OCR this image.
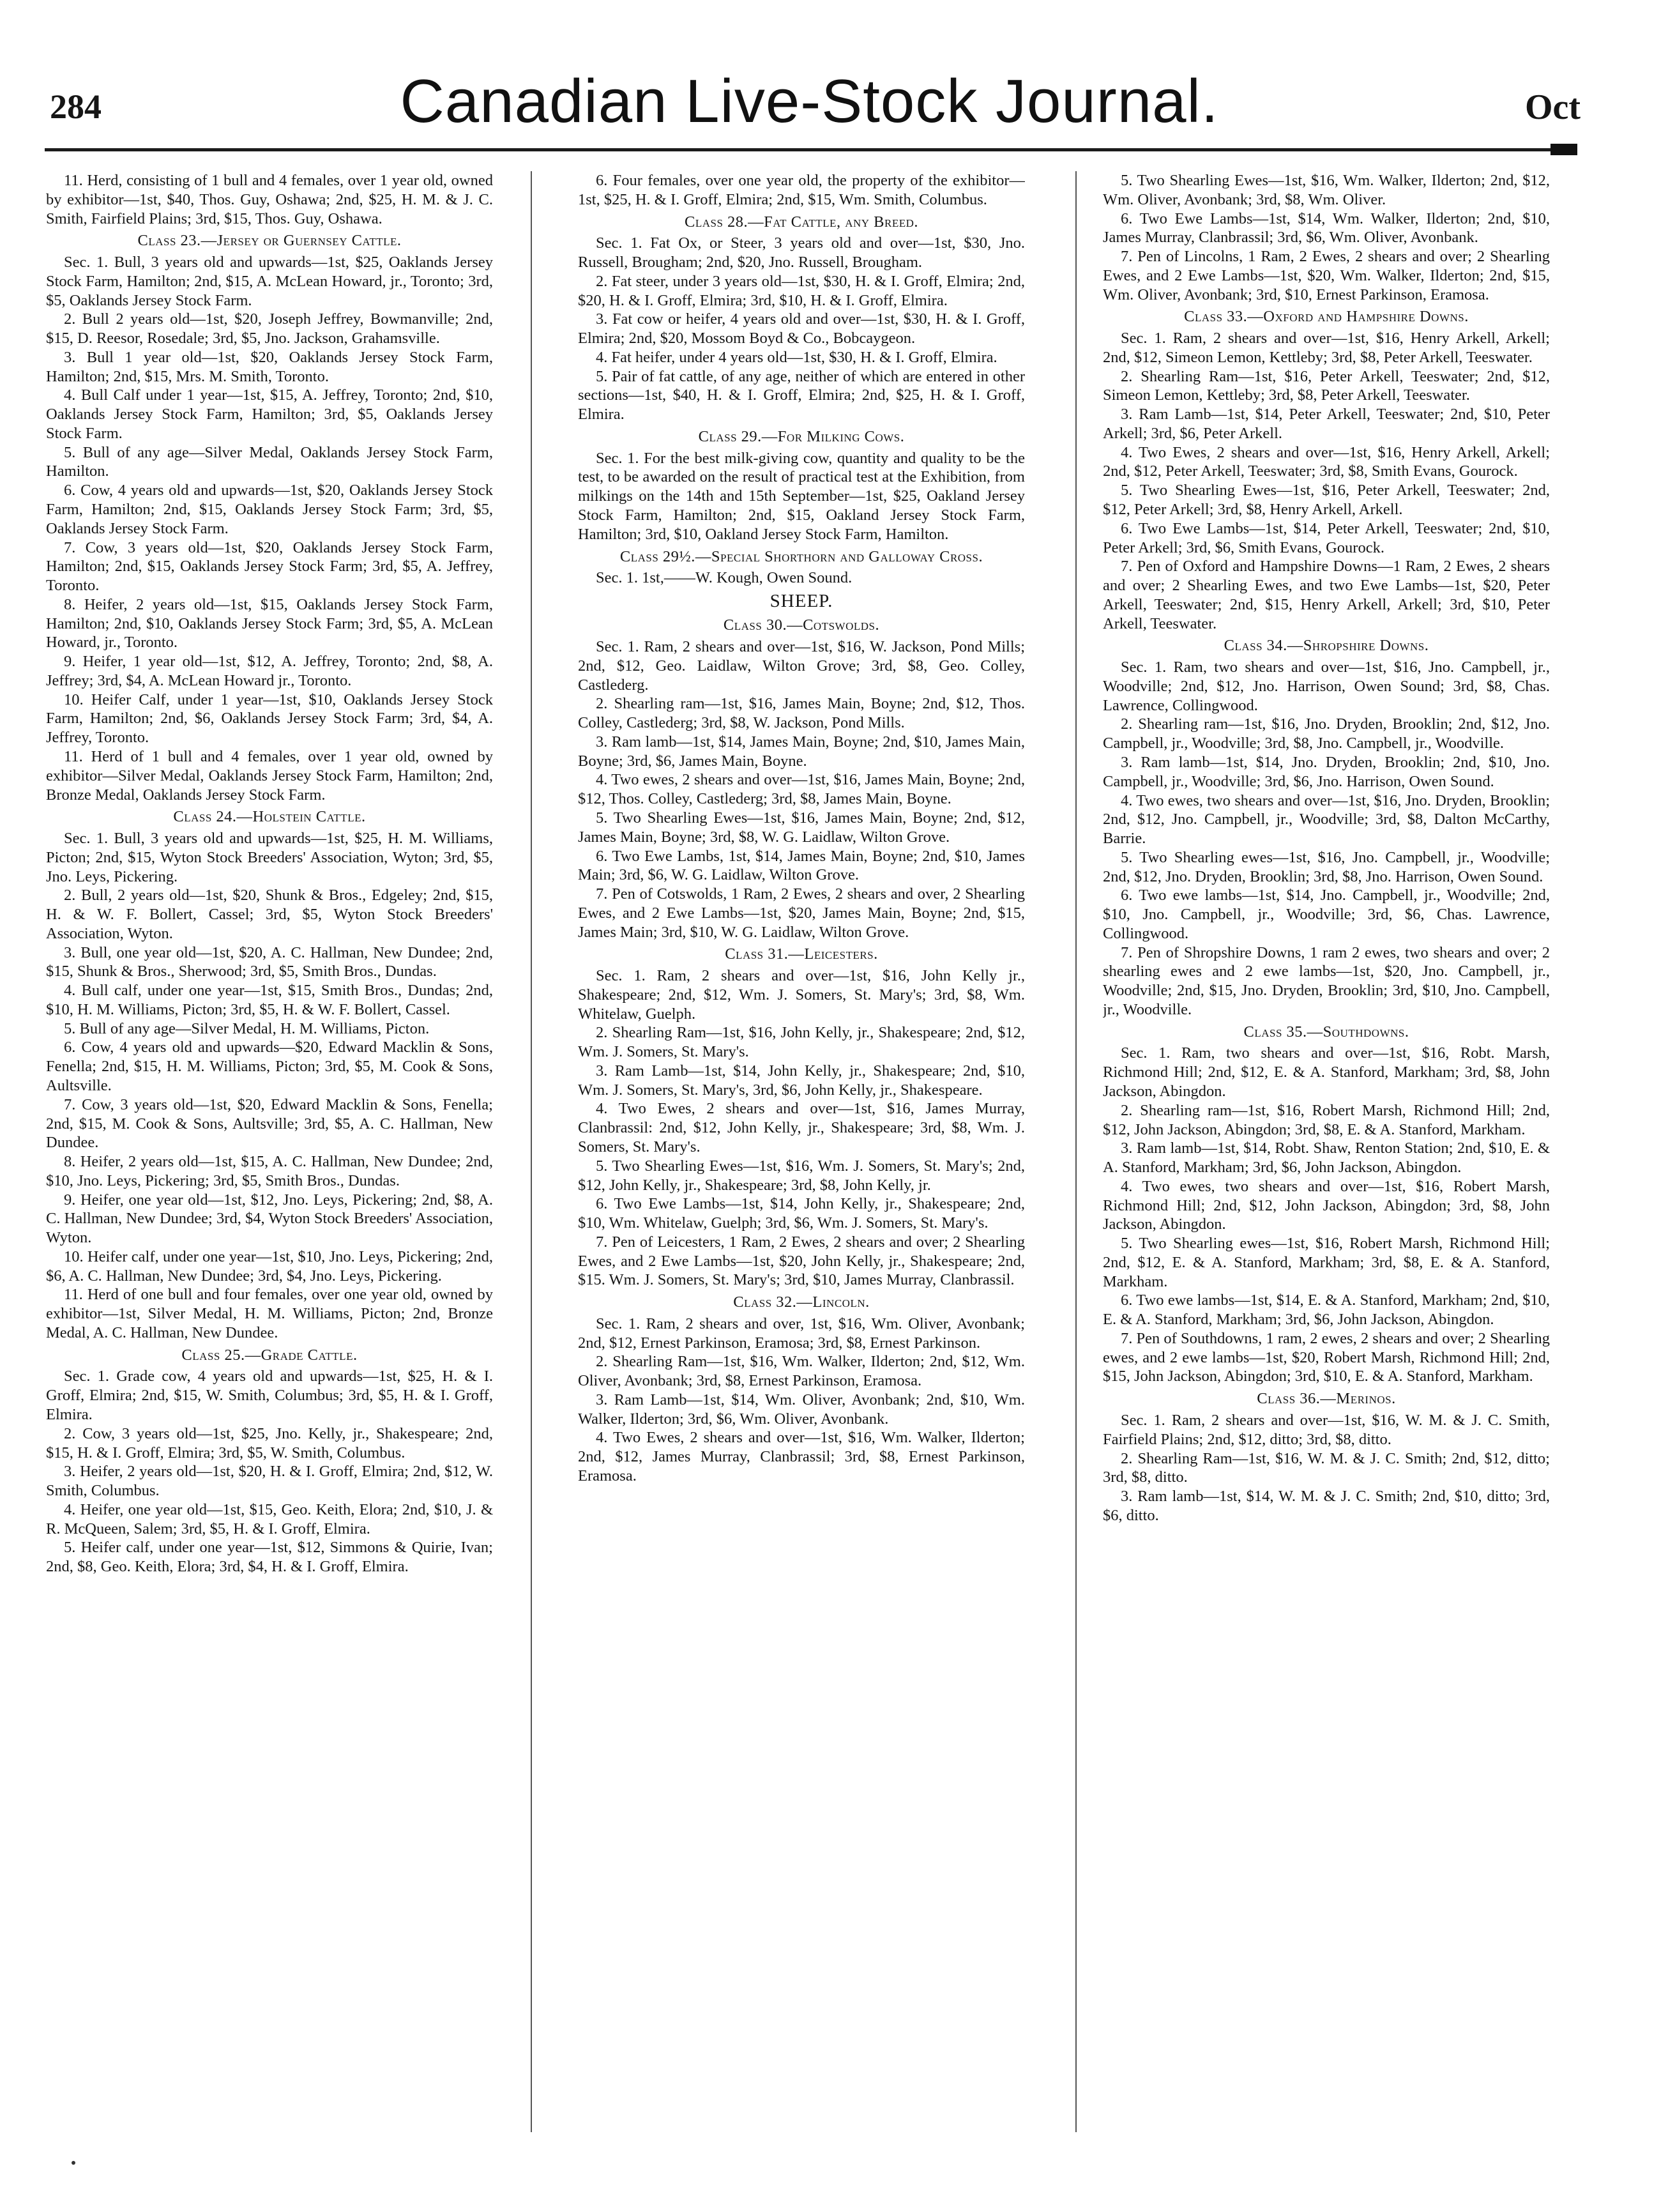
284	Canadian Live-Stock Journal.	Oct

11. Herd, consisting of 1 bull and 4 females, over 1 year old, owned by exhibitor—1st, $40, Thos. Guy, Oshawa; 2nd, $25, H. M. & J. C. Smith, Fairfield Plains; 3rd, $15, Thos. Guy, Oshawa.

Class 23.—Jersey or Guernsey Cattle.

Sec. 1. Bull, 3 years old and upwards—1st, $25, Oaklands Jersey Stock Farm, Hamilton; 2nd, $15, A. McLean Howard, jr., Toronto; 3rd, $5, Oaklands Jersey Stock Farm.

2. Bull 2 years old—1st, $20, Joseph Jeffrey, Bowmanville; 2nd, $15, D. Reesor, Rosedale; 3rd, $5, Jno. Jackson, Grahamsville.

3. Bull 1 year old—1st, $20, Oaklands Jersey Stock Farm, Hamilton; 2nd, $15, Mrs. M. Smith, Toronto.

4. Bull Calf under 1 year—1st, $15, A. Jeffrey, Toronto; 2nd, $10, Oaklands Jersey Stock Farm, Hamilton; 3rd, $5, Oaklands Jersey Stock Farm.

5. Bull of any age—Silver Medal, Oaklands Jersey Stock Farm, Hamilton.

6. Cow, 4 years old and upwards—1st, $20, Oaklands Jersey Stock Farm, Hamilton; 2nd, $15, Oaklands Jersey Stock Farm; 3rd, $5, Oaklands Jersey Stock Farm.

7. Cow, 3 years old—1st, $20, Oaklands Jersey Stock Farm, Hamilton; 2nd, $15, Oaklands Jersey Stock Farm; 3rd, $5, A. Jeffrey, Toronto.

8. Heifer, 2 years old—1st, $15, Oaklands Jersey Stock Farm, Hamilton; 2nd, $10, Oaklands Jersey Stock Farm; 3rd, $5, A. McLean Howard, jr., Toronto.

9. Heifer, 1 year old—1st, $12, A. Jeffrey, Toronto; 2nd, $8, A. Jeffrey; 3rd, $4, A. McLean Howard jr., Toronto.

10. Heifer Calf, under 1 year—1st, $10, Oaklands Jersey Stock Farm, Hamilton; 2nd, $6, Oaklands Jersey Stock Farm; 3rd, $4, A. Jeffrey, Toronto.

11. Herd of 1 bull and 4 females, over 1 year old, owned by exhibitor—Silver Medal, Oaklands Jersey Stock Farm, Hamilton; 2nd, Bronze Medal, Oaklands Jersey Stock Farm.

Class 24.—Holstein Cattle.

Sec. 1. Bull, 3 years old and upwards—1st, $25, H. M. Williams, Picton; 2nd, $15, Wyton Stock Breeders' Association, Wyton; 3rd, $5, Jno. Leys, Pickering.

2. Bull, 2 years old—1st, $20, Shunk & Bros., Edgeley; 2nd, $15, H. & W. F. Bollert, Cassel; 3rd, $5, Wyton Stock Breeders' Association, Wyton.

3. Bull, one year old—1st, $20, A. C. Hallman, New Dundee; 2nd, $15, Shunk & Bros., Sherwood; 3rd, $5, Smith Bros., Dundas.

4. Bull calf, under one year—1st, $15, Smith Bros., Dundas; 2nd, $10, H. M. Williams, Picton; 3rd, $5, H. & W. F. Bollert, Cassel.

5. Bull of any age—Silver Medal, H. M. Williams, Picton.

6. Cow, 4 years old and upwards—$20, Edward Macklin & Sons, Fenella; 2nd, $15, H. M. Williams, Picton; 3rd, $5, M. Cook & Sons, Aultsville.

7. Cow, 3 years old—1st, $20, Edward Macklin & Sons, Fenella; 2nd, $15, M. Cook & Sons, Aultsville; 3rd, $5, A. C. Hallman, New Dundee.

8. Heifer, 2 years old—1st, $15, A. C. Hallman, New Dundee; 2nd, $10, Jno. Leys, Pickering; 3rd, $5, Smith Bros., Dundas.

9. Heifer, one year old—1st, $12, Jno. Leys, Pickering; 2nd, $8, A. C. Hallman, New Dundee; 3rd, $4, Wyton Stock Breeders' Association, Wyton.

10. Heifer calf, under one year—1st, $10, Jno. Leys, Pickering; 2nd, $6, A. C. Hallman, New Dundee; 3rd, $4, Jno. Leys, Pickering.

11. Herd of one bull and four females, over one year old, owned by exhibitor—1st, Silver Medal, H. M. Williams, Picton; 2nd, Bronze Medal, A. C. Hallman, New Dundee.

Class 25.—Grade Cattle.

Sec. 1. Grade cow, 4 years old and upwards—1st, $25, H. & I. Groff, Elmira; 2nd, $15, W. Smith, Columbus; 3rd, $5, H. & I. Groff, Elmira.

2. Cow, 3 years old—1st, $25, Jno. Kelly, jr., Shakespeare; 2nd, $15, H. & I. Groff, Elmira; 3rd, $5, W. Smith, Columbus.

3. Heifer, 2 years old—1st, $20, H. & I. Groff, Elmira; 2nd, $12, W. Smith, Columbus.

4. Heifer, one year old—1st, $15, Geo. Keith, Elora; 2nd, $10, J. & R. McQueen, Salem; 3rd, $5, H. & I. Groff, Elmira.

5. Heifer calf, under one year—1st, $12, Simmons & Quirie, Ivan; 2nd, $8, Geo. Keith, Elora; 3rd, $4, H. & I. Groff, Elmira.

6. Four females, over one year old, the property of the exhibitor—1st, $25, H. & I. Groff, Elmira; 2nd, $15, Wm. Smith, Columbus.

Class 28.—Fat Cattle, any Breed.

Sec. 1. Fat Ox, or Steer, 3 years old and over—1st, $30, Jno. Russell, Brougham; 2nd, $20, Jno. Russell, Brougham.

2. Fat steer, under 3 years old—1st, $30, H. & I. Groff, Elmira; 2nd, $20, H. & I. Groff, Elmira; 3rd, $10, H. & I. Groff, Elmira.

3. Fat cow or heifer, 4 years old and over—1st, $30, H. & I. Groff, Elmira; 2nd, $20, Mossom Boyd & Co., Bobcaygeon.

4. Fat heifer, under 4 years old—1st, $30, H. & I. Groff, Elmira.

5. Pair of fat cattle, of any age, neither of which are entered in other sections—1st, $40, H. & I. Groff, Elmira; 2nd, $25, H. & I. Groff, Elmira.

Class 29.—For Milking Cows.

Sec. 1. For the best milk-giving cow, quantity and quality to be the test, to be awarded on the result of practical test at the Exhibition, from milkings on the 14th and 15th September—1st, $25, Oakland Jersey Stock Farm, Hamilton; 2nd, $15, Oakland Jersey Stock Farm, Hamilton; 3rd, $10, Oakland Jersey Stock Farm, Hamilton.

Class 29½.—Special Shorthorn and Galloway Cross.

Sec. 1. 1st,——W. Kough, Owen Sound.

SHEEP.
Class 30.—Cotswolds.

Sec. 1. Ram, 2 shears and over—1st, $16, W. Jackson, Pond Mills; 2nd, $12, Geo. Laidlaw, Wilton Grove; 3rd, $8, Geo. Colley, Castlederg.

2. Shearling ram—1st, $16, James Main, Boyne; 2nd, $12, Thos. Colley, Castlederg; 3rd, $8, W. Jackson, Pond Mills.

3. Ram lamb—1st, $14, James Main, Boyne; 2nd, $10, James Main, Boyne; 3rd, $6, James Main, Boyne.

4. Two ewes, 2 shears and over—1st, $16, James Main, Boyne; 2nd, $12, Thos. Colley, Castlederg; 3rd, $8, James Main, Boyne.

5. Two Shearling Ewes—1st, $16, James Main, Boyne; 2nd, $12, James Main, Boyne; 3rd, $8, W. G. Laidlaw, Wilton Grove.

6. Two Ewe Lambs, 1st, $14, James Main, Boyne; 2nd, $10, James Main; 3rd, $6, W. G. Laidlaw, Wilton Grove.

7. Pen of Cotswolds, 1 Ram, 2 Ewes, 2 shears and over, 2 Shearling Ewes, and 2 Ewe Lambs—1st, $20, James Main, Boyne; 2nd, $15, James Main; 3rd, $10, W. G. Laidlaw, Wilton Grove.

Class 31.—Leicesters.

Sec. 1. Ram, 2 shears and over—1st, $16, John Kelly jr., Shakespeare; 2nd, $12, Wm. J. Somers, St. Mary's; 3rd, $8, Wm. Whitelaw, Guelph.

2. Shearling Ram—1st, $16, John Kelly, jr., Shakespeare; 2nd, $12, Wm. J. Somers, St. Mary's.

3. Ram Lamb—1st, $14, John Kelly, jr., Shakespeare; 2nd, $10, Wm. J. Somers, St. Mary's, 3rd, $6, John Kelly, jr., Shakespeare.

4. Two Ewes, 2 shears and over—1st, $16, James Murray, Clanbrassil: 2nd, $12, John Kelly, jr., Shakespeare; 3rd, $8, Wm. J. Somers, St. Mary's.

5. Two Shearling Ewes—1st, $16, Wm. J. Somers, St. Mary's; 2nd, $12, John Kelly, jr., Shakespeare; 3rd, $8, John Kelly, jr.

6. Two Ewe Lambs—1st, $14, John Kelly, jr., Shakespeare; 2nd, $10, Wm. Whitelaw, Guelph; 3rd, $6, Wm. J. Somers, St. Mary's.

7. Pen of Leicesters, 1 Ram, 2 Ewes, 2 shears and over; 2 Shearling Ewes, and 2 Ewe Lambs—1st, $20, John Kelly, jr., Shakespeare; 2nd, $15. Wm. J. Somers, St. Mary's; 3rd, $10, James Murray, Clanbrassil.

Class 32.—Lincoln.

Sec. 1. Ram, 2 shears and over, 1st, $16, Wm. Oliver, Avonbank; 2nd, $12, Ernest Parkinson, Eramosa; 3rd, $8, Ernest Parkinson.

2. Shearling Ram—1st, $16, Wm. Walker, Ilderton; 2nd, $12, Wm. Oliver, Avonbank; 3rd, $8, Ernest Parkinson, Eramosa.

3. Ram Lamb—1st, $14, Wm. Oliver, Avonbank; 2nd, $10, Wm. Walker, Ilderton; 3rd, $6, Wm. Oliver, Avonbank.

4. Two Ewes, 2 shears and over—1st, $16, Wm. Walker, Ilderton; 2nd, $12, James Murray, Clanbrassil; 3rd, $8, Ernest Parkinson, Eramosa.

5. Two Shearling Ewes—1st, $16, Wm. Walker, Ilderton; 2nd, $12, Wm. Oliver, Avonbank; 3rd, $8, Wm. Oliver.

6. Two Ewe Lambs—1st, $14, Wm. Walker, Ilderton; 2nd, $10, James Murray, Clanbrassil; 3rd, $6, Wm. Oliver, Avonbank.

7. Pen of Lincolns, 1 Ram, 2 Ewes, 2 shears and over; 2 Shearling Ewes, and 2 Ewe Lambs—1st, $20, Wm. Walker, Ilderton; 2nd, $15, Wm. Oliver, Avonbank; 3rd, $10, Ernest Parkinson, Eramosa.

Class 33.—Oxford and Hampshire Downs.

Sec. 1. Ram, 2 shears and over—1st, $16, Henry Arkell, Arkell; 2nd, $12, Simeon Lemon, Kettleby; 3rd, $8, Peter Arkell, Teeswater.

2. Shearling Ram—1st, $16, Peter Arkell, Teeswater; 2nd, $12, Simeon Lemon, Kettleby; 3rd, $8, Peter Arkell, Teeswater.

3. Ram Lamb—1st, $14, Peter Arkell, Teeswater; 2nd, $10, Peter Arkell; 3rd, $6, Peter Arkell.

4. Two Ewes, 2 shears and over—1st, $16, Henry Arkell, Arkell; 2nd, $12, Peter Arkell, Teeswater; 3rd, $8, Smith Evans, Gourock.

5. Two Shearling Ewes—1st, $16, Peter Arkell, Teeswater; 2nd, $12, Peter Arkell; 3rd, $8, Henry Arkell, Arkell.

6. Two Ewe Lambs—1st, $14, Peter Arkell, Teeswater; 2nd, $10, Peter Arkell; 3rd, $6, Smith Evans, Gourock.

7. Pen of Oxford and Hampshire Downs—1 Ram, 2 Ewes, 2 shears and over; 2 Shearling Ewes, and two Ewe Lambs—1st, $20, Peter Arkell, Teeswater; 2nd, $15, Henry Arkell, Arkell; 3rd, $10, Peter Arkell, Teeswater.

Class 34.—Shropshire Downs.

Sec. 1. Ram, two shears and over—1st, $16, Jno. Campbell, jr., Woodville; 2nd, $12, Jno. Harrison, Owen Sound; 3rd, $8, Chas. Lawrence, Collingwood.

2. Shearling ram—1st, $16, Jno. Dryden, Brooklin; 2nd, $12, Jno. Campbell, jr., Woodville; 3rd, $8, Jno. Campbell, jr., Woodville.

3. Ram lamb—1st, $14, Jno. Dryden, Brooklin; 2nd, $10, Jno. Campbell, jr., Woodville; 3rd, $6, Jno. Harrison, Owen Sound.

4. Two ewes, two shears and over—1st, $16, Jno. Dryden, Brooklin; 2nd, $12, Jno. Campbell, jr., Woodville; 3rd, $8, Dalton McCarthy, Barrie.

5. Two Shearling ewes—1st, $16, Jno. Campbell, jr., Woodville; 2nd, $12, Jno. Dryden, Brooklin; 3rd, $8, Jno. Harrison, Owen Sound.

6. Two ewe lambs—1st, $14, Jno. Campbell, jr., Woodville; 2nd, $10, Jno. Campbell, jr., Woodville; 3rd, $6, Chas. Lawrence, Collingwood.

7. Pen of Shropshire Downs, 1 ram 2 ewes, two shears and over; 2 shearling ewes and 2 ewe lambs—1st, $20, Jno. Campbell, jr., Woodville; 2nd, $15, Jno. Dryden, Brooklin; 3rd, $10, Jno. Campbell, jr., Woodville.

Class 35.—Southdowns.

Sec. 1. Ram, two shears and over—1st, $16, Robt. Marsh, Richmond Hill; 2nd, $12, E. & A. Stanford, Markham; 3rd, $8, John Jackson, Abingdon.

2. Shearling ram—1st, $16, Robert Marsh, Richmond Hill; 2nd, $12, John Jackson, Abingdon; 3rd, $8, E. & A. Stanford, Markham.

3. Ram lamb—1st, $14, Robt. Shaw, Renton Station; 2nd, $10, E. & A. Stanford, Markham; 3rd, $6, John Jackson, Abingdon.

4. Two ewes, two shears and over—1st, $16, Robert Marsh, Richmond Hill; 2nd, $12, John Jackson, Abingdon; 3rd, $8, John Jackson, Abingdon.

5. Two Shearling ewes—1st, $16, Robert Marsh, Richmond Hill; 2nd, $12, E. & A. Stanford, Markham; 3rd, $8, E. & A. Stanford, Markham.

6. Two ewe lambs—1st, $14, E. & A. Stanford, Markham; 2nd, $10, E. & A. Stanford, Markham; 3rd, $6, John Jackson, Abingdon.

7. Pen of Southdowns, 1 ram, 2 ewes, 2 shears and over; 2 Shearling ewes, and 2 ewe lambs—1st, $20, Robert Marsh, Richmond Hill; 2nd, $15, John Jackson, Abingdon; 3rd, $10, E. & A. Stanford, Markham.

Class 36.—Merinos.

Sec. 1. Ram, 2 shears and over—1st, $16, W. M. & J. C. Smith, Fairfield Plains; 2nd, $12, ditto; 3rd, $8, ditto.

2. Shearling Ram—1st, $16, W. M. & J. C. Smith; 2nd, $12, ditto; 3rd, $8, ditto.

3. Ram lamb—1st, $14, W. M. & J. C. Smith; 2nd, $10, ditto; 3rd, $6, ditto.
